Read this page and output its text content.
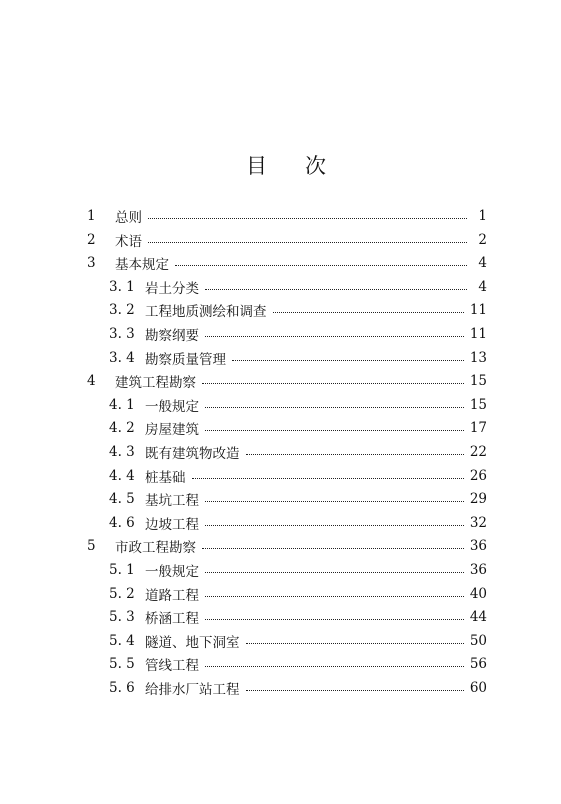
目 次
1	总则	1
2	术语	2
3	基本规定	4
3. 1 岩土分类	4
3. 2 工程地质测绘和调查	11
3. 3 勘察纲要	11
3. 4 勘察质量管理	13
4	建筑工程勘察	15
4. 1 一般规定	15
4. 2 房屋建筑	17
4. 3 既有建筑物改造	22
4. 4 桩基础	26
4. 5 基坑工程	29
4. 6 边坡工程	32
5	市政工程勘察	36
5. 1 一般规定	36
5. 2 道路工程	40
5. 3 桥涵工程	44
5. 4 隧道、地下洞室	50
5. 5 管线工程	56
5. 6 给排水厂站工程	60
